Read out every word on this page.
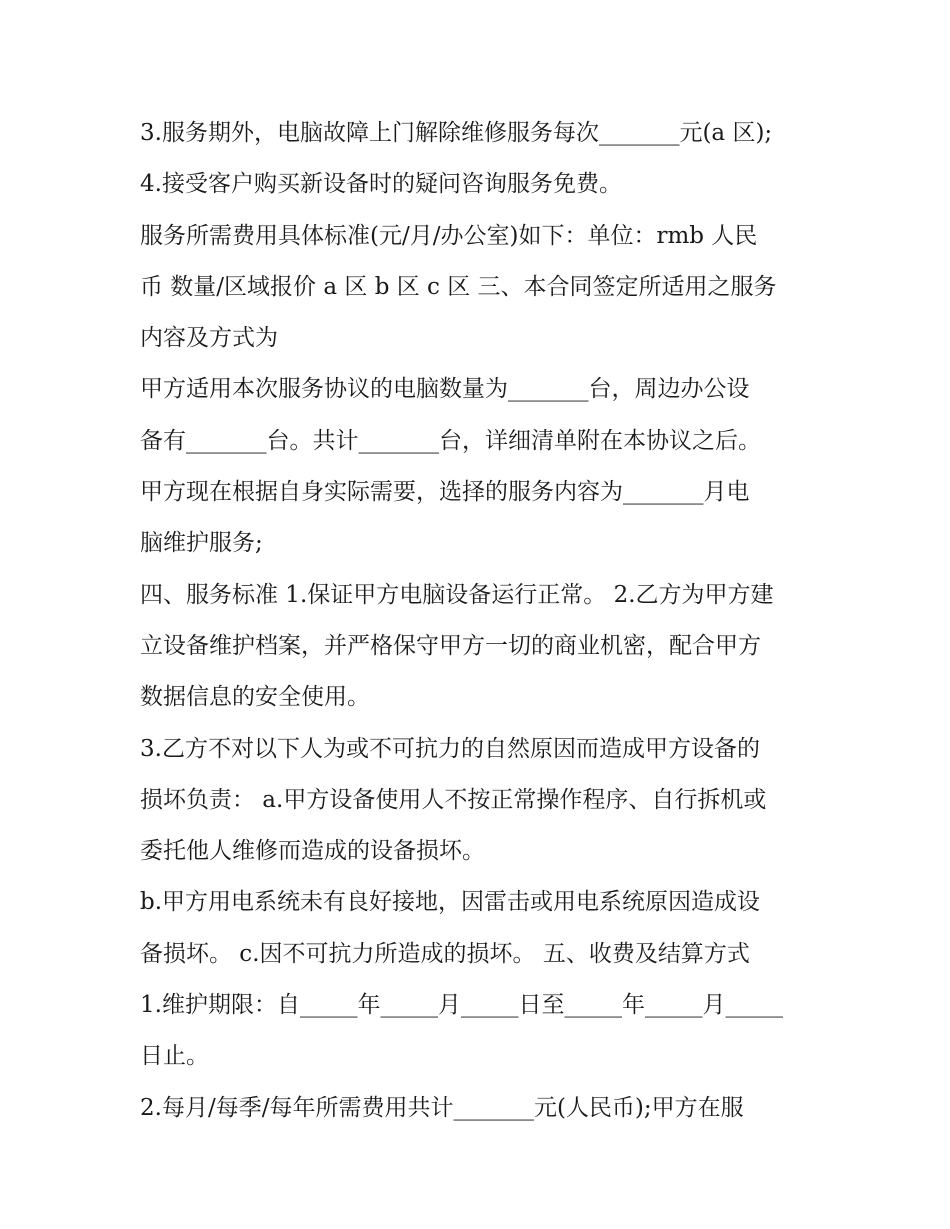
3.服务期外，电脑故障上门解除维修服务每次_______元(a 区);
4.接受客户购买新设备时的疑问咨询服务免费。
服务所需费用具体标准(元/月/办公室)如下：单位：rmb 人民
币 数量/区域报价 a 区 b 区 c 区 三、本合同签定所适用之服务
内容及方式为
甲方适用本次服务协议的电脑数量为_______台，周边办公设
备有_______台。共计_______台，详细清单附在本协议之后。
甲方现在根据自身实际需要，选择的服务内容为_______月电
脑维护服务;
四、服务标准 1.保证甲方电脑设备运行正常。 2.乙方为甲方建
立设备维护档案，并严格保守甲方一切的商业机密，配合甲方
数据信息的安全使用。
3.乙方不对以下人为或不可抗力的自然原因而造成甲方设备的
损坏负责： a.甲方设备使用人不按正常操作程序、自行拆机或
委托他人维修而造成的设备损坏。
b.甲方用电系统未有良好接地，因雷击或用电系统原因造成设
备损坏。 c.因不可抗力所造成的损坏。 五、收费及结算方式
1.维护期限：自_____年_____月_____日至_____年_____月_____
日止。
2.每月/每季/每年所需费用共计_______元(人民币);甲方在服
